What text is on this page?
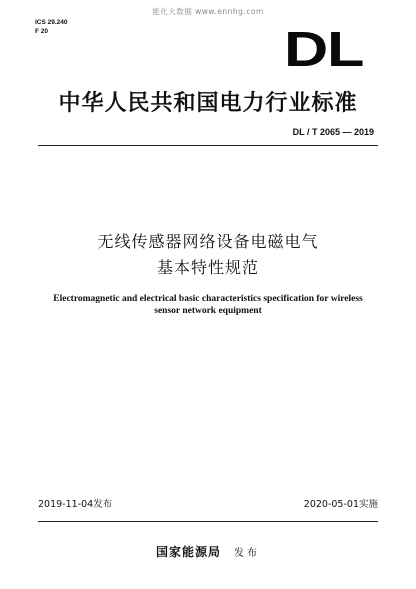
能化大数据 www.ennhg.com
ICS 29.240
F 20	DL
中华人民共和国电力行业标准
DL / T 2065 — 2019
无线传感器网络设备电磁电气
基本特性规范
Electromagnetic and electrical basic characteristics specification for wireless
sensor network equipment
2019-11-04发布	2020-05-01实施
国家能源局 发布
